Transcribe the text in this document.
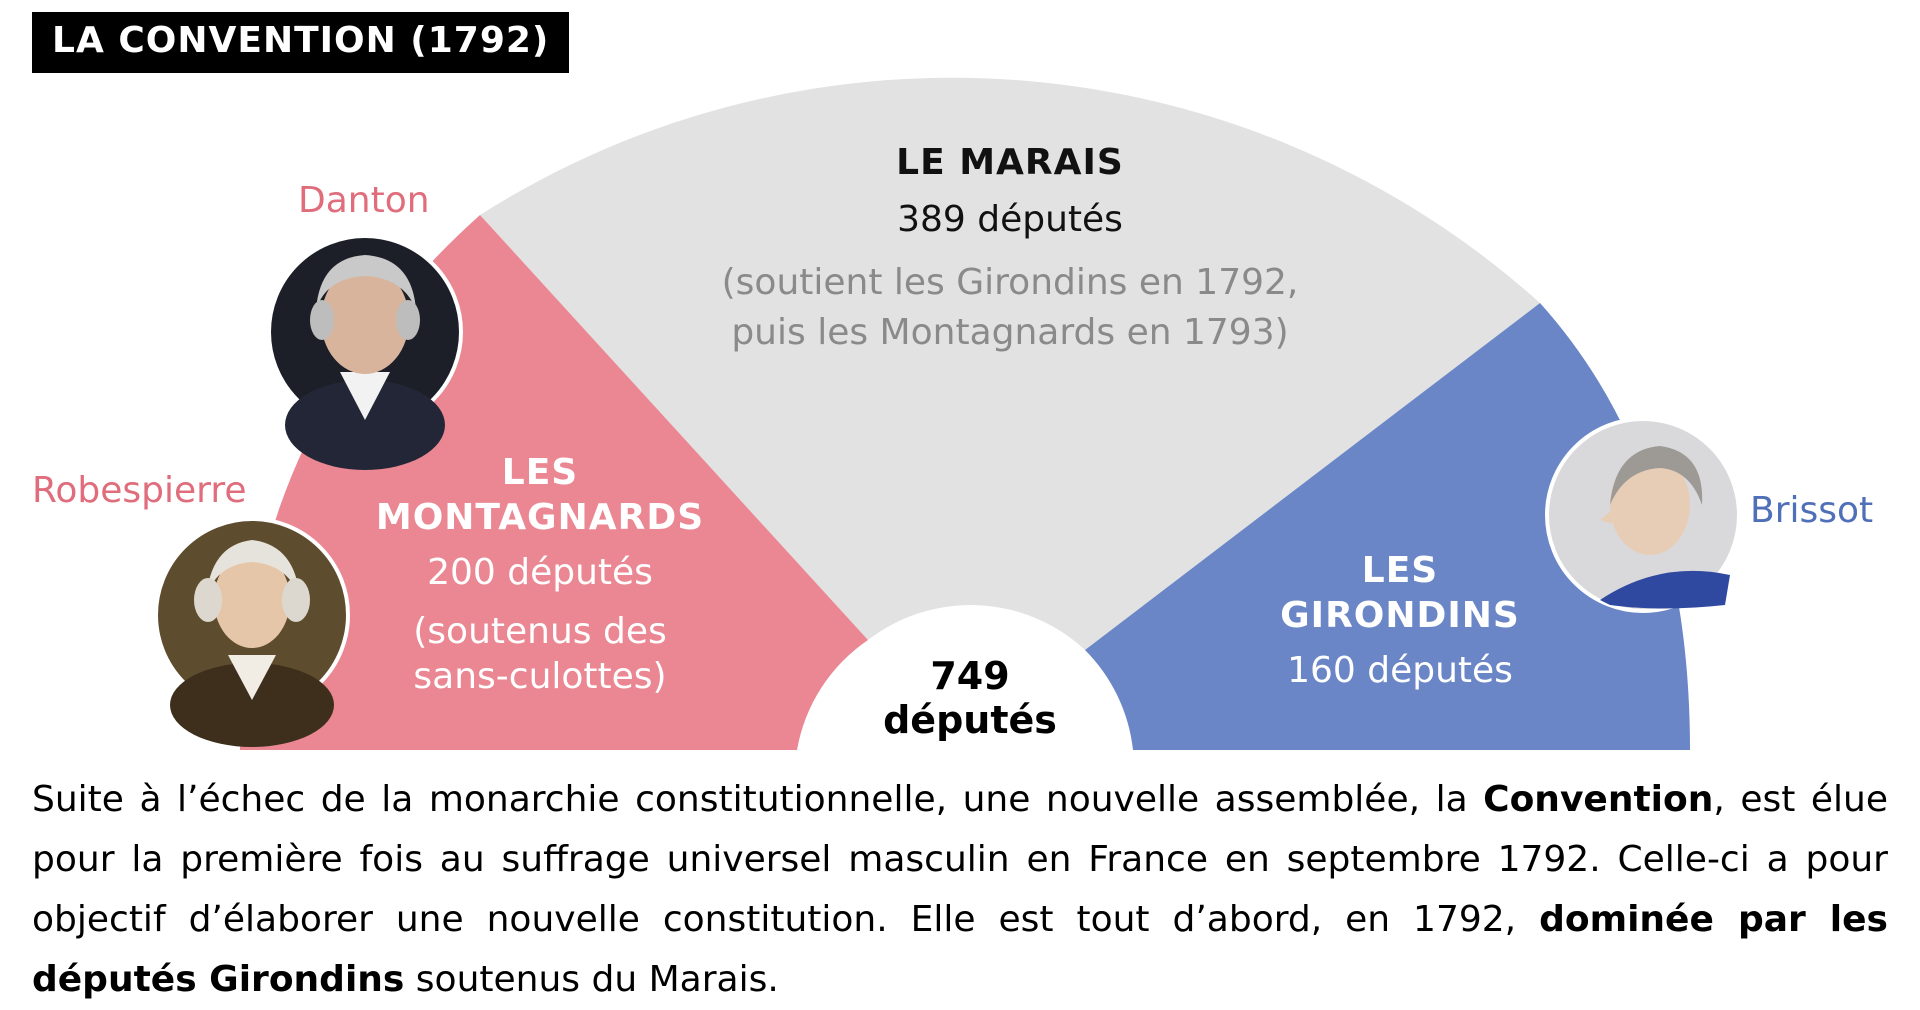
LA CONVENTION (1792)
Danton
Robespierre	Brissot
LE MARAIS
389 députés
(soutient les Girondins en 1792,
puis les Montagnards en 1793)
LES
MONTAGNARDS
200 députés
(soutenus des
sans-culottes)
LES
GIRONDINS
160 députés
749
députés
Suite à l’échec de la monarchie constitutionnelle, une nouvelle assemblée, la Convention, est élue pour la première fois au suffrage universel masculin en France en septembre 1792. Celle-ci a pour objectif d’élaborer une nouvelle constitution. Elle est tout d’abord, en 1792, dominée par les députés Girondins soutenus du Marais.
